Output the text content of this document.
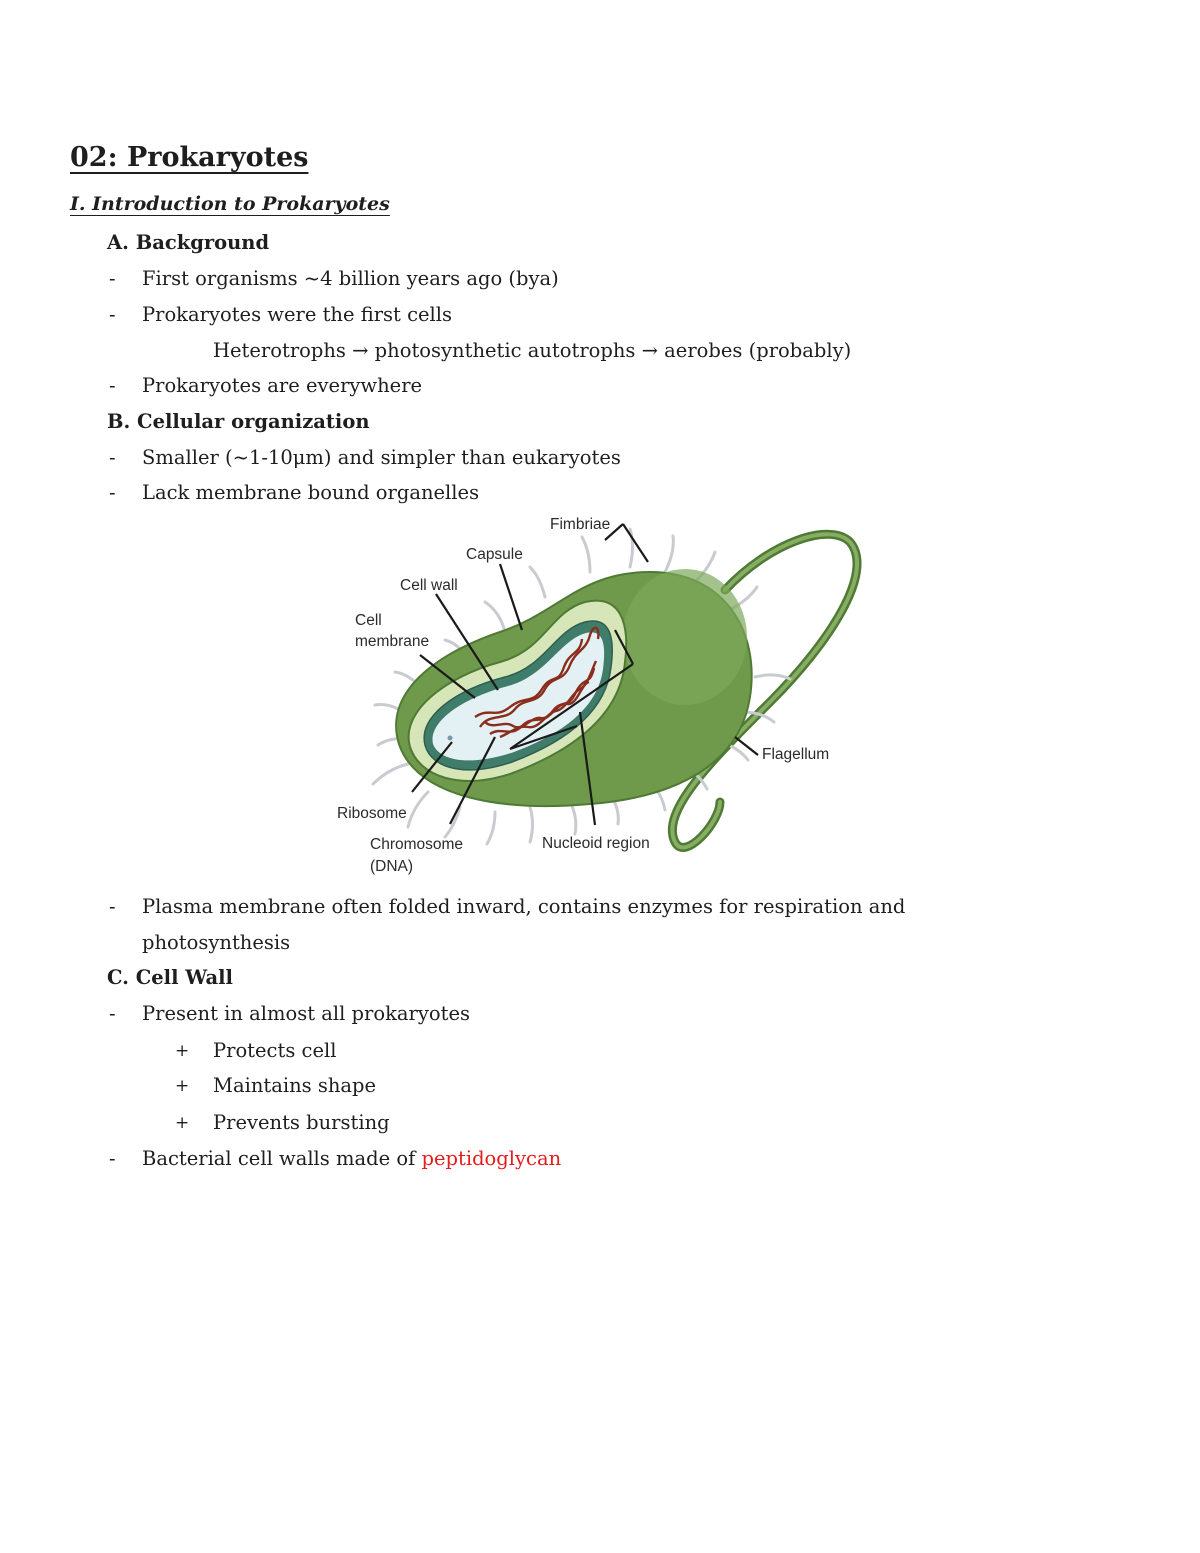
02: Prokaryotes
I. Introduction to Prokaryotes
A. Background
- First organisms ~4 billion years ago (bya)
- Prokaryotes were the first cells
Heterotrophs → photosynthetic autotrophs → aerobes (probably)
- Prokaryotes are everywhere
B. Cellular organization
- Smaller (~1-10μm) and simpler than eukaryotes
- Lack membrane bound organelles
Fimbriae
Capsule
Cell wall
Cell
membrane
Flagellum
Ribosome
Chromosome
(DNA)
Nucleoid region
- Plasma membrane often folded inward, contains enzymes for respiration and
photosynthesis
C. Cell Wall
- Present in almost all prokaryotes
+ Protects cell
+ Maintains shape
+ Prevents bursting
- Bacterial cell walls made of peptidoglycan
